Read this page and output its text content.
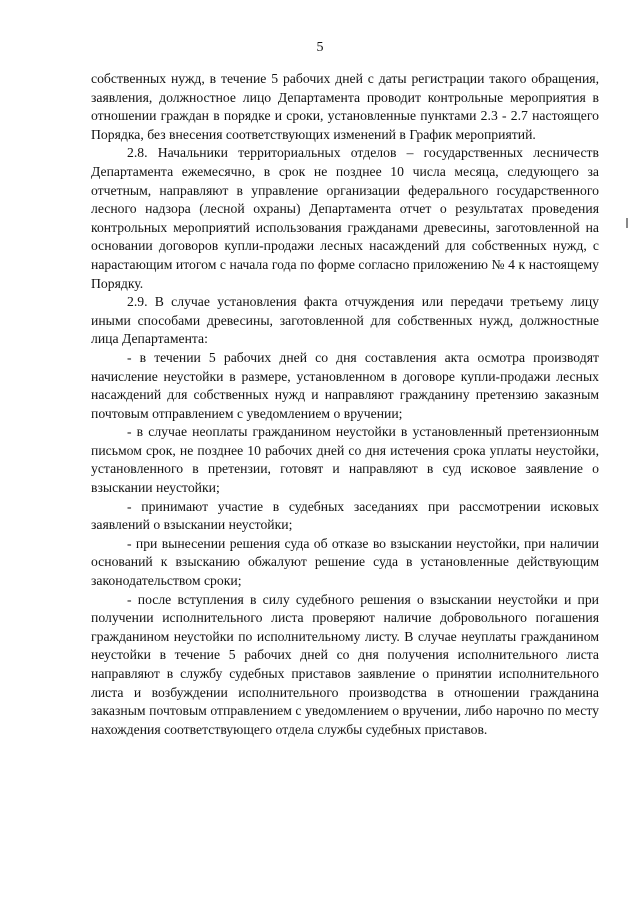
5

собственных нужд, в течение 5 рабочих дней с даты регистрации такого обращения, заявления, должностное лицо Департамента проводит контрольные мероприятия в отношении граждан в порядке и сроки, установленные пунктами 2.3 - 2.7 настоящего Порядка, без внесения соответствующих изменений в График мероприятий.

2.8. Начальники территориальных отделов – государственных лесничеств Департамента ежемесячно, в срок не позднее 10 числа месяца, следующего за отчетным, направляют в управление организации федерального государственного лесного надзора (лесной охраны) Департамента отчет о результатах проведения контрольных мероприятий использования гражданами древесины, заготовленной на основании договоров купли-продажи лесных насаждений для собственных нужд, с нарастающим итогом с начала года по форме согласно приложению № 4 к настоящему Порядку.

2.9. В случае установления факта отчуждения или передачи третьему лицу иными способами древесины, заготовленной для собственных нужд, должностные лица Департамента:

- в течении 5 рабочих дней со дня составления акта осмотра производят начисление неустойки в размере, установленном в договоре купли-продажи лесных насаждений для собственных нужд и направляют гражданину претензию заказным почтовым отправлением с уведомлением о вручении;

- в случае неоплаты гражданином неустойки в установленный претензионным письмом срок, не позднее 10 рабочих дней со дня истечения срока уплаты неустойки, установленного в претензии, готовят и направляют в суд исковое заявление о взыскании неустойки;

- принимают участие в судебных заседаниях при рассмотрении исковых заявлений о взыскании неустойки;

- при вынесении решения суда об отказе во взыскании неустойки, при наличии оснований к взысканию обжалуют решение суда в установленные действующим законодательством сроки;

- после вступления в силу судебного решения о взыскании неустойки и при получении исполнительного листа проверяют наличие добровольного погашения гражданином неустойки по исполнительному листу. В случае неуплаты гражданином неустойки в течение 5 рабочих дней со дня получения исполнительного листа направляют в службу судебных приставов заявление о принятии исполнительного листа и возбуждении исполнительного производства в отношении гражданина заказным почтовым отправлением с уведомлением о вручении, либо нарочно по месту нахождения соответствующего отдела службы судебных приставов.
